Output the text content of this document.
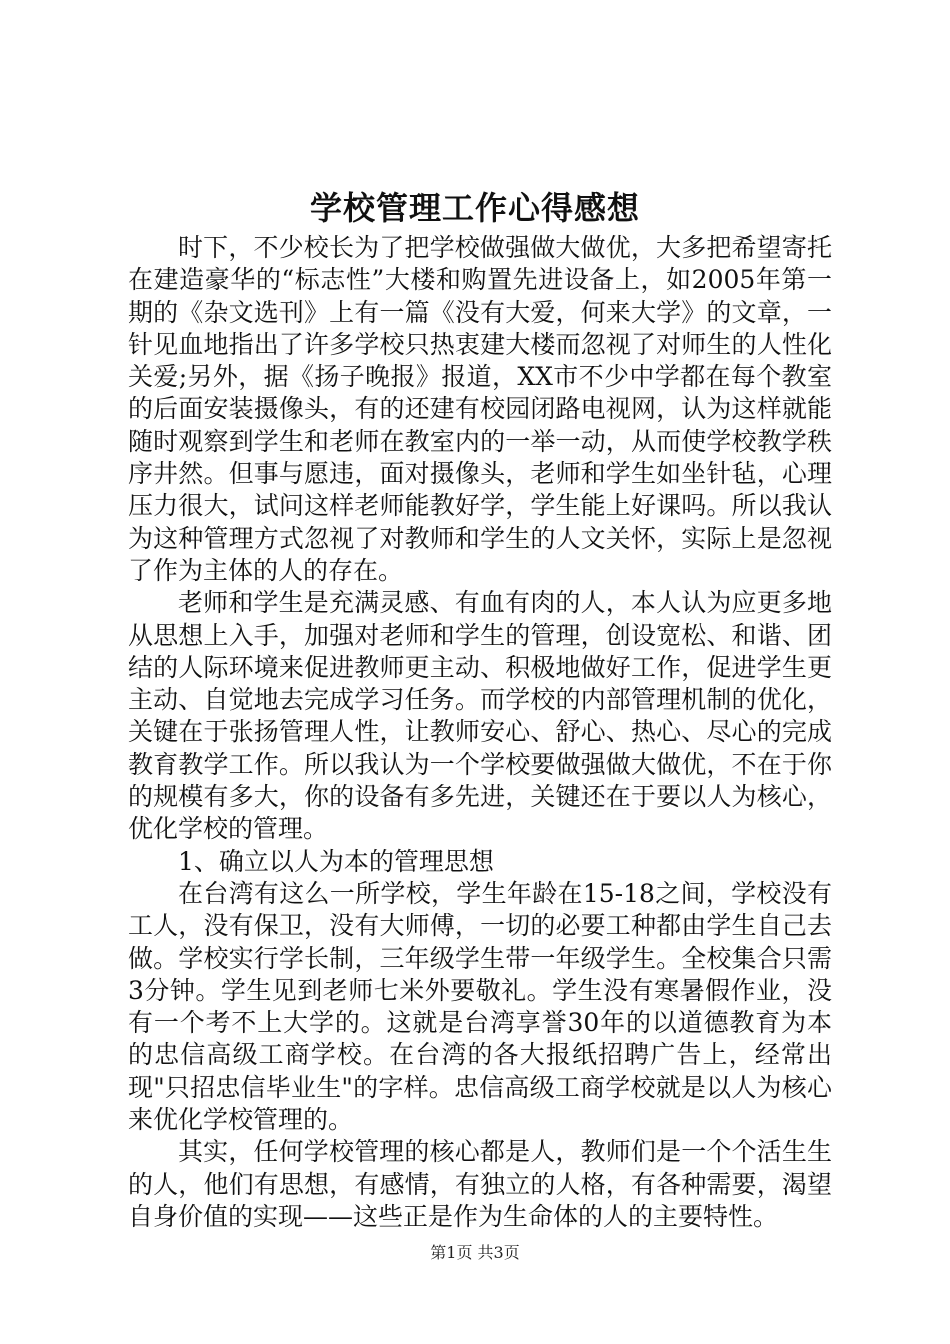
学校管理工作心得感想

时下，不少校长为了把学校做强做大做优，大多把希望寄托在建造豪华的“标志性”大楼和购置先进设备上，如2005年第一期的《杂文选刊》上有一篇《没有大爱，何来大学》的文章，一针见血地指出了许多学校只热衷建大楼而忽视了对师生的人性化关爱;另外，据《扬子晚报》报道，XX市不少中学都在每个教室的后面安装摄像头，有的还建有校园闭路电视网，认为这样就能随时观察到学生和老师在教室内的一举一动，从而使学校教学秩序井然。但事与愿违，面对摄像头，老师和学生如坐针毡，心理压力很大，试问这样老师能教好学，学生能上好课吗。所以我认为这种管理方式忽视了对教师和学生的人文关怀，实际上是忽视了作为主体的人的存在。

老师和学生是充满灵感、有血有肉的人，本人认为应更多地从思想上入手，加强对老师和学生的管理，创设宽松、和谐、团结的人际环境来促进教师更主动、积极地做好工作，促进学生更主动、自觉地去完成学习任务。而学校的内部管理机制的优化，关键在于张扬管理人性，让教师安心、舒心、热心、尽心的完成教育教学工作。所以我认为一个学校要做强做大做优，不在于你的规模有多大，你的设备有多先进，关键还在于要以人为核心，优化学校的管理。

1、确立以人为本的管理思想

在台湾有这么一所学校，学生年龄在15-18之间，学校没有工人，没有保卫，没有大师傅，一切的必要工种都由学生自己去做。学校实行学长制，三年级学生带一年级学生。全校集合只需3分钟。学生见到老师七米外要敬礼。学生没有寒暑假作业，没有一个考不上大学的。这就是台湾享誉30年的以道德教育为本的忠信高级工商学校。在台湾的各大报纸招聘广告上，经常出现"只招忠信毕业生"的字样。忠信高级工商学校就是以人为核心来优化学校管理的。

其实，任何学校管理的核心都是人，教师们是一个个活生生的人，他们有思想，有感情，有独立的人格，有各种需要，渴望自身价值的实现——这些正是作为生命体的人的主要特性。

第1页 共3页
